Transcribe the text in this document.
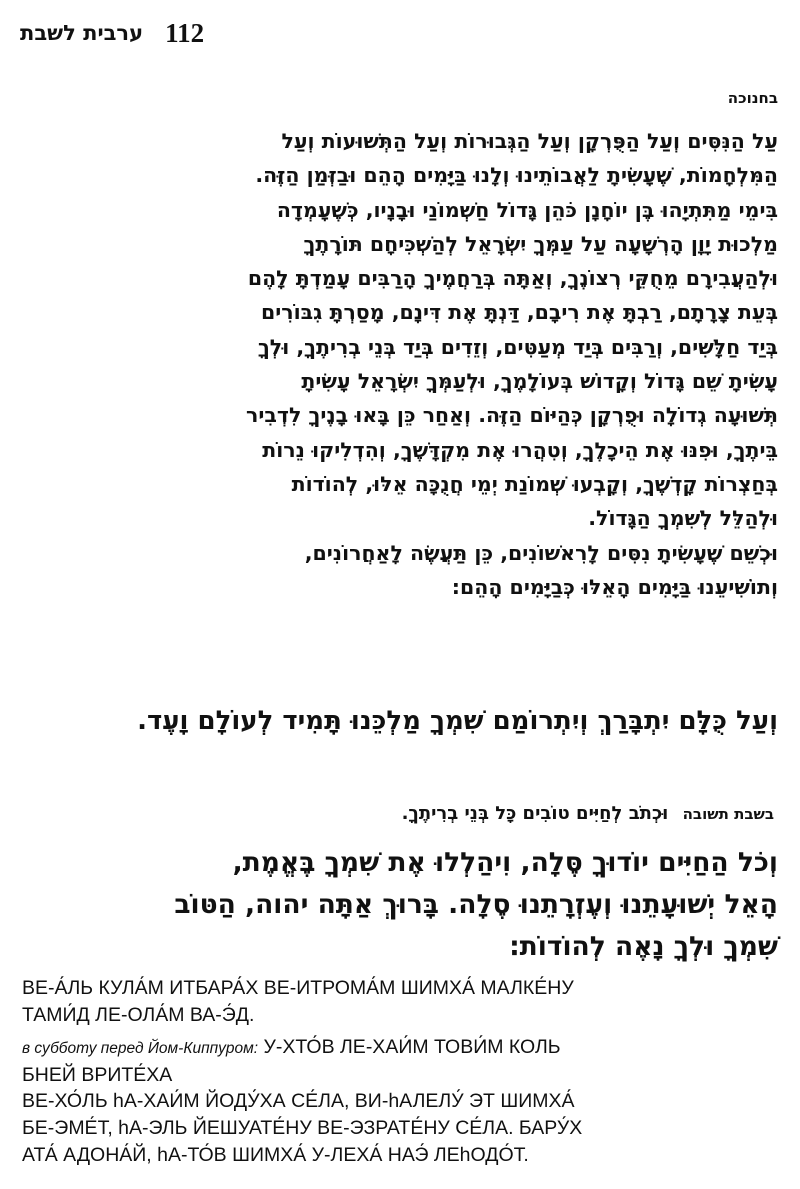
112
ערבית לשבת
בחנוכה
עַל הַנִּסִּים וְעַל הַפֻּרְקָן וְעַל הַגְּבוּרוֹת וְעַל הַתְּשׁוּעוֹת וְעַל
הַמִּלְחָמוֹת, שֶׁעָשִׂיתָ לַאֲבוֹתֵינוּ וְלָנוּ בַּיָּמִים הָהֵם וּבַזְּמַן הַזֶּה.
בִּימֵי מַתִּתְיָהוּ בֶּן יוֹחָנָן כֹּהֵן גָּדוֹל חַשְׁמוֹנַי וּבָנָיו, כְּשֶׁעָמְדָה
מַלְכוּת יָוָן הָרְשָׁעָה עַל עַמְּךָ יִשְׂרָאֵל לְהַשְׁכִּיחָם תּוֹרָתֶךָ
וּלְהַעֲבִירָם מֵחֻקֵּי רְצוֹנֶךָ, וְאַתָּה בְּרַחֲמֶיךָ הָרַבִּים עָמַדְתָּ לָהֶם
בְּעֵת צָרָתָם, רַבְתָּ אֶת רִיבָם, דַּנְתָּ אֶת דִּינָם, מָסַרְתָּ גִבּוֹרִים
בְּיַד חַלָּשִׁים, וְרַבִּים בְּיַד מְעַטִּים, וְזֵדִים בְּיַד בְּנֵי בְרִיתֶךָ, וּלְךָ
עָשִׂיתָ שֵׁם גָּדוֹל וְקָדוֹשׁ בְּעוֹלָמֶךָ, וּלְעַמְּךָ יִשְׂרָאֵל עָשִׂיתָ
תְּשׁוּעָה גְדוֹלָה וּפֻרְקָן כְּהַיּוֹם הַזֶּה. וְאַחַר כֵּן בָּאוּ בָנֶיךָ לִדְבִיר
בֵּיתֶךָ, וּפִנּוּ אֶת הֵיכָלֶךָ, וְטִהֲרוּ אֶת מִקְדָּשֶׁךָ, וְהִדְלִיקוּ נֵרוֹת
בְּחַצְרוֹת קָדְשֶׁךָ, וְקָבְעוּ שְׁמוֹנַת יְמֵי חֲנֻכָּה אֵלּוּ, לְהוֹדוֹת
וּלְהַלֵּל לְשִׁמְךָ הַגָּדוֹל.
וּכְשֵׁם שֶׁעָשִׂיתָ נִסִּים לָרִאשׁוֹנִים, כֵּן תַּעֲשֶׂה לָאַחֲרוֹנִים,
וְתוֹשִׁיעֵנוּ בַּיָּמִים הָאֵלּוּ כְּבַיָּמִים הָהֵם:
וְעַל כֻּלָּם יִתְבָּרַךְ וְיִתְרוֹמַם שִׁמְךָ מַלְכֵּנוּ תָּמִיד לְעוֹלָם וָעֶד.
בשבת תשובה וּכְתֹב לְחַיִּים טוֹבִים כָּל בְּנֵי בְרִיתֶךָ.
וְכֹל הַחַיִּים יוֹדוּךָ סֶּלָה, וִיהַלְלוּ אֶת שִׁמְךָ בֶּאֱמֶת,
הָאֵל יְשׁוּעָתֵנוּ וְעֶזְרָתֵנוּ סֶלָה. בָּרוּךְ אַתָּה יהוה, הַטּוֹב
שִׁמְךָ וּלְךָ נָאֶה לְהוֹדוֹת:
ВЕ-А́ЛЬ КУЛА́М ИТБАРА́Х ВЕ-ИТРОМА́М ШИМХА́ МАЛКЕ́НУ
ТАМИ́Д ЛЕ-ОЛА́М ВА-Э́Д.
в субботу перед Йом-Киппуром: У-ХТО́В ЛЕ-ХАИ́М ТОВИ́М КОЛЬ
БНЕЙ ВРИТЕ́ХА
ВЕ-ХО́ЛЬ һА-ХАИ́М ЙОДУ́ХА СЕ́ЛА, ВИ-һАЛЕЛУ́ ЭТ ШИМХА́
БЕ-ЭМЕ́Т, һА-ЭЛЬ ЙЕШУАТЕ́НУ ВЕ-ЭЗРАТЕ́НУ СЕ́ЛА. БАРУ́Х
АТА́ АДОНА́Й, һА-ТО́В ШИМХА́ У-ЛЕХА́ НАЭ́ ЛЕһОДО́Т.
